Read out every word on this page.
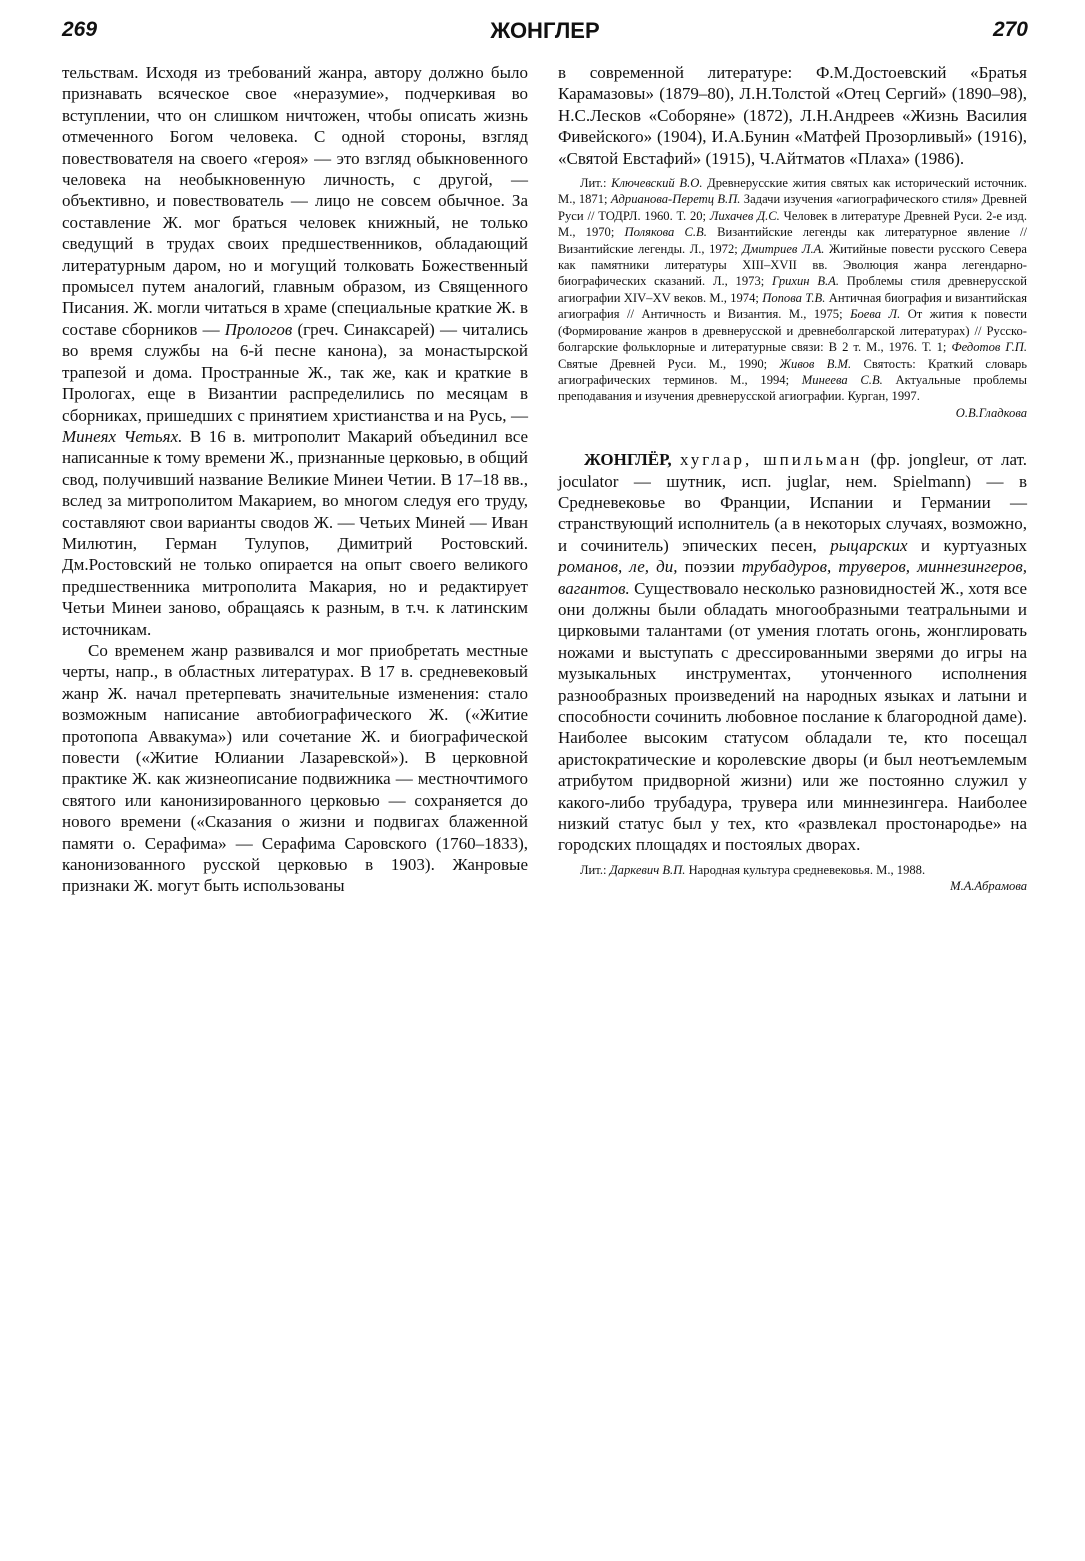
269	ЖОНГЛЕР	270

тельствам. Исходя из требований жанра, автору должно было признавать всяческое свое «неразумие», подчеркивая во вступлении, что он слишком ничтожен, чтобы описать жизнь отмеченного Богом человека. С одной стороны, взгляд повествователя на своего «героя» — это взгляд обыкновенного человека на необыкновенную личность, с другой, — объективно, и повествователь — лицо не совсем обычное. За составление Ж. мог браться человек книжный, не только сведущий в трудах своих предшественников, обладающий литературным даром, но и могущий толковать Божественный промысел путем аналогий, главным образом, из Священного Писания. Ж. могли читаться в храме (специальные краткие Ж. в составе сборников — Прологов (греч. Синаксарей) — читались во время службы на 6-й песне канона), за монастырской трапезой и дома. Пространные Ж., так же, как и краткие в Прологах, еще в Византии распределились по месяцам в сборниках, пришедших с принятием христианства и на Русь, — Минеях Четьях. В 16 в. митрополит Макарий объединил все написанные к тому времени Ж., признанные церковью, в общий свод, получивший название Великие Минеи Четии. В 17–18 вв., вслед за митрополитом Макарием, во многом следуя его труду, составляют свои варианты сводов Ж. — Четьих Миней — Иван Милютин, Герман Тулупов, Димитрий Ростовский. Дм.Ростовский не только опирается на опыт своего великого предшественника митрополита Макария, но и редактирует Четьи Минеи заново, обращаясь к разным, в т.ч. к латинским источникам.

Со временем жанр развивался и мог приобретать местные черты, напр., в областных литературах. В 17 в. средневековый жанр Ж. начал претерпевать значительные изменения: стало возможным написание автобиографического Ж. («Житие протопопа Аввакума») или сочетание Ж. и биографической повести («Житие Юлиании Лазаревской»). В церковной практике Ж. как жизнеописание подвижника — местночтимого святого или канонизированного церковью — сохраняется до нового времени («Сказания о жизни и подвигах блаженной памяти о. Серафима» — Серафима Саровского (1760–1833), канонизованного русской церковью в 1903). Жанровые признаки Ж. могут быть использованы

в современной литературе: Ф.М.Достоевский «Братья Карамазовы» (1879–80), Л.Н.Толстой «Отец Сергий» (1890–98), Н.С.Лесков «Соборяне» (1872), Л.Н.Андреев «Жизнь Василия Фивейского» (1904), И.А.Бунин «Матфей Прозорливый» (1916), «Святой Евстафий» (1915), Ч.Айтматов «Плаха» (1986).

Лит.: Ключевский В.О. Древнерусские жития святых как исторический источник. М., 1871; Адрианова-Перетц В.П. Задачи изучения «агиографического стиля» Древней Руси // ТОДРЛ. 1960. Т. 20; Лихачев Д.С. Человек в литературе Древней Руси. 2-е изд. М., 1970; Полякова С.В. Византийские легенды как литературное явление // Византийские легенды. Л., 1972; Дмитриев Л.А. Житийные повести русского Севера как памятники литературы XIII–XVII вв. Эволюция жанра легендарно-биографических сказаний. Л., 1973; Грихин В.А. Проблемы стиля древнерусской агиографии XIV–XV веков. М., 1974; Попова Т.В. Античная биография и византийская агиография // Античность и Византия. М., 1975; Боева Л. От жития к повести (Формирование жанров в древнерусской и древнеболгарской литературах) // Русско-болгарские фольклорные и литературные связи: В 2 т. М., 1976. Т. 1; Федотов Г.П. Святые Древней Руси. М., 1990; Живов В.М. Святость: Краткий словарь агиографических терминов. М., 1994; Минеева С.В. Актуальные проблемы преподавания и изучения древнерусской агиографии. Курган, 1997.

О.В.Гладкова

ЖОНГЛЁР, хуглар, шпильман (фр. jongleur, от лат. joculator — шутник, исп. juglar, нем. Spielmann) — в Средневековье во Франции, Испании и Германии — странствующий исполнитель (а в некоторых случаях, возможно, и сочинитель) эпических песен, рыцарских и куртуазных романов, ле, ди, поэзии трубадуров, труверов, миннезингеров, вагантов. Существовало несколько разновидностей Ж., хотя все они должны были обладать многообразными театральными и цирковыми талантами (от умения глотать огонь, жонглировать ножами и выступать с дрессированными зверями до игры на музыкальных инструментах, утонченного исполнения разнообразных произведений на народных языках и латыни и способности сочинить любовное послание к благородной даме). Наиболее высоким статусом обладали те, кто посещал аристократические и королевские дворы (и был неотъемлемым атрибутом придворной жизни) или же постоянно служил у какого-либо трубадура, трувера или миннезингера. Наиболее низкий статус был у тех, кто «развлекал простонародье» на городских площадях и постоялых дворах.

Лит.: Даркевич В.П. Народная культура средневековья. М., 1988.

М.А.Абрамова
